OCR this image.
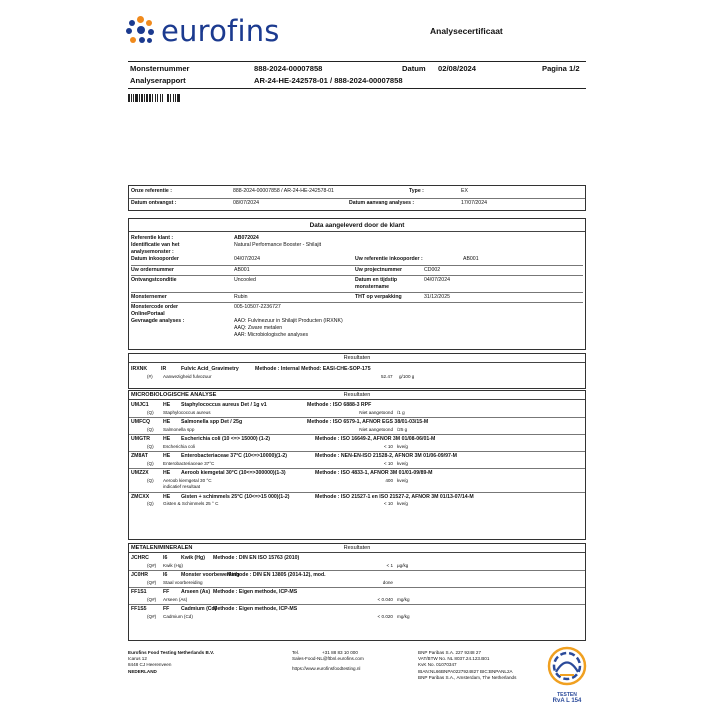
eurofins	Analysecertificaat
Monsternummer	888-2024-00007858	Datum 02/08/2024	Pagina 1/2
Analyserapport	AR-24-HE-242578-01 / 888-2024-00007858
Onze referentie :	888-2024-00007858 / AR-24-HE-242578-01	Type :	EX
Datum ontvangst :	08/07/2024	Datum aanvang analyses :	17/07/2024
Data aangeleverd door de klant
Referentie klant :	AB072024
Identificatie van het analysemonster :
Natural Performance Booster - Shilajit
Datum inkooporder	04/07/2024	Uw referentie inkooporder :	AB001
Uw ordernummer	AB001	Uw projectnummer	CD002
Ontvangstconditie	Uncooled	Datum en tijdstip monstername
04/07/2024
Monsternemer	Rubin	THT op verpakking	31/12/2025
Monstercode order OnlinePortaal
005-10507-2236727
Gevraagde analyses :	AAO: Fulvinezuur in Shilajit Producten (IRXNK)
AAQ: Zware metalen
AAR: Microbiologische analyses
Resultaten
IRXNK	IR	Fulvic Acid_Gravimetry	Methode : Internal Method: EASI-CHE-SOP-175
(#) Aanwezigheid fulvozuur	52.47 g/100 g
MICROBIOLOGISCHE ANALYSE	Resultaten
UMJC1	HE Staphylococcus aureus Det / 1g v1	Methode : ISO 6888-3 RPF
(Q) Staphylococcus aureus	Niet aangetoond /1 g
UMFCQ HE Salmonella spp Det / 25g	Methode : ISO 6579-1, AFNOR EGS 38/01-03/15-M
(Q) Salmonella spp	Niet aangetoond /25 g
UMGTR HE Escherichia coli (10 <=> 15000) (1-2)	Methode : ISO 16649-2, AFNOR 3M 01/08-06/01-M
(Q) Escherichia coli	< 10 kve/g
ZM8AT	HE Enterobacteriaceae 37°C (10<=>10000)(1-2)	Methode : NEN-EN-ISO 21528-2, AFNOR 3M 01/06-09/97-M
(Q) Enterobacteriaceae 37°C	< 10 kve/g
UMZ2X	HE Aeroob kiemgetal 30°C (10<=>300000)(1-3)	Methode : ISO 4833-1, AFNOR 3M 01/01-09/89-M
(Q) Aeroob kiemgetal 30 °C	400 kve/g
indicatief resultaat
ZMCXX	HE Gisten + schimmels 25°C (10<=>15 000)(1-2)	Methode : ISO 21527-1 en ISO 21527-2, AFNOR 3M 01/13-07/14-M
(Q) Gisten & Schimmels 25 ° C	< 10 kve/g
METALEN/MINERALEN	Resultaten
JCHRC	I6	Kwik (Hg) Methode : DIN EN ISO 15763 (2010)
(Q#) Kwik (Hg)	< 1 µg/kg
JC0HR	I6	Monster voorbewerking
Methode : DIN EN 13805 (2014-12), mod.
(Q#) Staal voorbereiding	done
FF1S1	FF Arseen (As) Methode : Eigen methode, ICP-MS
(Q#) Arseen (As)	< 0.040 mg/kg
FF1S5	FF Cadmium (Cd)
Methode : Eigen methode, ICP-MS
(Q#) Cadmium (Cd)	< 0.020 mg/kg
Eurofins Food Testing Netherlands B.V.
Icarus 12
8448 CJ Heerenveen
NEDERLAND
Tel.	+31 88 83 10 000
Sales-Food-NL@ftbnl.eurofins.com
https://www.eurofinsfoodtesting.nl
BNP Paribas S.A. 227 9248 27
VAT/BTW No. NL 8037.24.123.B01
KvK No. 01070347
IBAN:NL66BNPA0227924827 BIC:BNPANL2A
BNP Paribas S.A., Amsterdam, The Netherlands
TESTEN
RvA L 154
